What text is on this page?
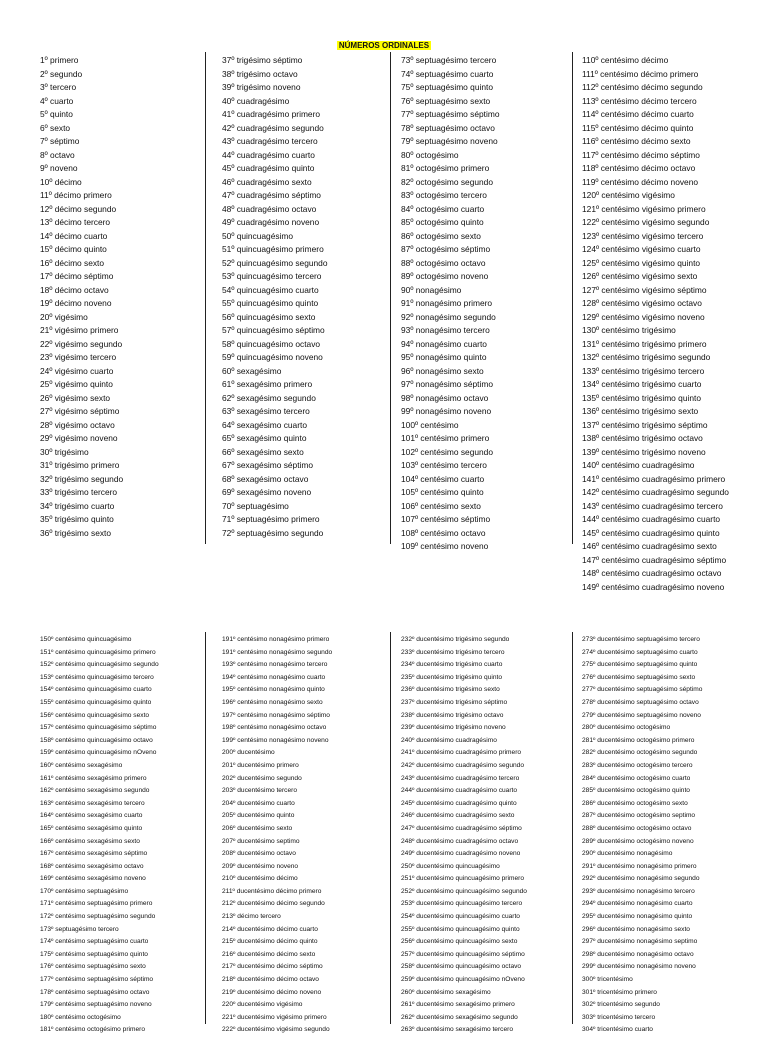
NÚMEROS ORDINALES
1º primero
2º segundo
3º tercero
4º cuarto
5º quinto
6º sexto
7º séptimo
8º octavo
9º noveno
10º décimo
11º décimo primero
12º décimo segundo
13º décimo tercero
14º décimo cuarto
15º décimo quinto
16º décimo sexto
17º décimo séptimo
18º décimo octavo
19º décimo noveno
20º vigésimo
21º vigésimo primero
22º vigésimo segundo
23º vigésimo tercero
24º vigésimo cuarto
25º vigésimo quinto
26º vigésimo sexto
27º vigésimo séptimo
28º vigésimo octavo
29º vigésimo noveno
30º trigésimo
31º trigésimo primero
32º trigésimo segundo
33º trigésimo tercero
34º trigésimo cuarto
35º trigésimo quinto
36º trigésimo sexto
37º trigésimo séptimo
38º trigésimo octavo
39º trigésimo noveno
40º cuadragésimo
41º cuadragésimo primero
42º cuadragésimo segundo
43º cuadragésimo tercero
44º cuadragésimo cuarto
45º cuadragésimo quinto
46º cuadragésimo sexto
47º cuadragésimo séptimo
48º cuadragésimo octavo
49º cuadragésimo noveno
50º quincuagésimo
51º quincuagésimo primero
52º quincuagésimo segundo
53º quincuagésimo tercero
54º quincuagésimo cuarto
55º quincuagésimo quinto
56º quincuagésimo sexto
57º quincuagésimo séptimo
58º quincuagésimo octavo
59º quincuagésimo noveno
60º sexagésimo
61º sexagésimo primero
62º sexagésimo segundo
63º sexagésimo tercero
64º sexagésimo cuarto
65º sexagésimo quinto
66º sexagésimo sexto
67º sexagésimo séptimo
68º sexagésimo octavo
69º sexagésimo noveno
70º septuagésimo
71º septuagésimo primero
72º septuagésimo segundo
73º septuagésimo tercero
74º septuagésimo cuarto
75º septuagésimo quinto
76º septuagésimo sexto
77º septuagésimo séptimo
78º septuagésimo octavo
79º septuagésimo noveno
80º octogésimo
81º octogésimo primero
82º octogésimo segundo
83º octogésimo tercero
84º octogésimo cuarto
85º octogésimo quinto
86º octogésimo sexto
87º octogésimo séptimo
88º octogésimo octavo
89º octogésimo noveno
90º nonagésimo
91º nonagésimo primero
92º nonagésimo segundo
93º nonagésimo tercero
94º nonagésimo cuarto
95º nonagésimo quinto
96º nonagésimo sexto
97º nonagésimo séptimo
98º nonagésimo octavo
99º nonagésimo noveno
100º centésimo
101º centésimo primero
102º centésimo segundo
103º centésimo tercero
104º centésimo cuarto
105º centésimo quinto
106º centésimo sexto
107º centésimo séptimo
108º centésimo octavo
109º centésimo noveno
110º centésimo décimo
111º centésimo décimo primero
112º centésimo décimo segundo
113º centésimo décimo tercero
114º centésimo décimo cuarto
115º centésimo décimo quinto
116º centésimo décimo sexto
117º centésimo décimo séptimo
118º centésimo décimo octavo
119º centésimo décimo noveno
120º centésimo vigésimo
121º centésimo vigésimo primero
122º centésimo vigésimo segundo
123º centésimo vigésimo tercero
124º centésimo vigésimo cuarto
125º centésimo vigésimo quinto
126º centésimo vigésimo sexto
127º centésimo vigésimo séptimo
128º centésimo vigésimo octavo
129º centésimo vigésimo noveno
130º centésimo trigésimo
131º centésimo trigésimo primero
132º centésimo trigésimo segundo
133º centésimo trigésimo tercero
134º centésimo trigésimo cuarto
135º centésimo trigésimo quinto
136º centésimo trigésimo sexto
137º centésimo trigésimo séptimo
138º centésimo trigésimo octavo
139º centésimo trigésimo noveno
140º centésimo cuadragésimo
141º centésimo cuadragésimo primero
142º centésimo cuadragésimo segundo
143º centésimo cuadragésimo tercero
144º centésimo cuadragésimo cuarto
145º centésimo cuadragésimo quinto
146º centésimo cuadragésimo sexto
147º centésimo cuadragésimo séptimo
148º centésimo cuadragésimo octavo
149º centésimo cuadragésimo noveno
150º centésimo quincuagésimo
151º centésimo quincuagésimo primero
152º centésimo quincuagésimo segundo
153º centésimo quincuagésimo tercero
154º centésimo quincuagésimo cuarto
155º centésimo quincuagésimo quinto
156º centésimo quincuagésimo sexto
157º centésimo quincuagésimo séptimo
158º centésimo quincuagésimo octavo
159º centésimo quincuagésimo nOveno
160º centésimo sexagésimo
161º centésimo sexagésimo primero
162º centésimo sexagésimo segundo
163º centésimo sexagésimo tercero
164º centésimo sexagésimo cuarto
165º centésimo sexagésimo quinto
166º centésimo sexagésimo sexto
167º centésimo sexagésimo séptimo
168º centésimo sexagésimo octavo
169º centésimo sexagésimo noveno
170º centésimo septuagésimo
171º centésimo septuagésimo primero
172º centésimo septuagésimo segundo
173º septuagésimo tercero
174º centésimo septuagésimo cuarto
175º centésimo septuagésimo quinto
176º centésimo septuagésimo sexto
177º centésimo septuagésimo séptimo
178º centésimo septuagésimo octavo
179º centésimo septuagésimo noveno
180º centésimo octogésimo
181º centésimo octogésimo primero
191º centésimo nonagésimo primero
191º centésimo nonagésimo segundo
193º centésimo nonagésimo tercero
194º centésimo nonagésimo cuarto
195º centésimo nonagésimo quinto
196º centésimo nonagésimo sexto
197º centésimo nonagésimo séptimo
198º centésimo nonagésimo octavo
199º centésimo nonagésimo noveno
200º ducentésimo
201º ducentésimo primero
202º ducentésimo segundo
203º ducentésimo tercero
204º ducentésimo cuarto
205º ducentésimo quinto
206º ducentésimo sexto
207º ducentésimo septimo
208º ducentésimo octavo
209º ducentésimo noveno
210º ducentésimo décimo
211º ducentésimo décimo primero
212º ducentésimo décimo segundo
213º décimo tercero
214º ducentésimo décimo cuarto
215º ducentésimo décimo quinto
216º ducentésimo décimo sexto
217º ducentésimo décimo séptimo
218º ducentésimo décimo octavo
219º ducentésimo décimo noveno
220º ducentésimo vigésimo
221º ducentésimo vigésimo primero
222º ducentésimo vigésimo segundo
232º ducentésimo trigésimo segundo
233º ducentésimo trigésimo tercero
234º ducentésimo trigésimo cuarto
235º ducentésimo trigésimo quinto
236º ducentésimo trigésimo sexto
237º ducentésimo trigésimo séptimo
238º ducentésimo trigésimo octavo
239º ducentésimo trigésimo noveno
240º ducentésimo cuadragésimo
241º ducentésimo cuadragésimo primero
242º ducentésimo cuadragésimo segundo
243º ducentésimo cuadragésimo tercero
244º ducentésimo cuadragésimo cuarto
245º ducentésimo cuadragésimo quinto
246º ducentésimo cuadragésimo sexto
247º ducentésimo cuadragésimo séptimo
248º ducentésimo cuadragésimo octavo
249º ducentésimo cuadragésimo noveno
250º ducentésimo quincuagésimo
251º ducentésimo quincuagésimo primero
252º ducentésimo quincuagésimo segundo
253º ducentésimo quincuagésimo tercero
254º ducentésimo quincuagésimo cuarto
255º ducentésimo quincuagésimo quinto
256º ducentésimo quincuagésimo sexto
257º ducentésimo quincuagésimo séptimo
258º ducentésimo quincuagésimo octavo
259º ducentésimo quincuagésimo nOveno
260º ducentésimo sexagésimo
261º ducentésimo sexagésimo primero
262º ducentésimo sexagésimo segundo
263º ducentésimo sexagésimo tercero
273º ducentésimo septuagésimo tercero
274º ducentésimo septuagésimo cuarto
275º ducentésimo septuagésimo quinto
276º ducentésimo septuagésimo sexto
277º ducentésimo septuagésimo séptimo
278º ducentésimo septuagésimo octavo
279º ducentésimo septuagésimo noveno
280º ducentésimo octogésimo
281º ducentésimo octogésimo primero
282º ducentésimo octogésimo segundo
283º ducentésimo octogésimo tercero
284º ducentésimo octogésimo cuarto
285º ducentésimo octogésimo quinto
286º ducentésimo octogésimo sexto
287º ducentésimo octogésimo septimo
288º ducentésimo octogésimo octavo
289º ducentésimo octogésimo noveno
290º ducentésimo nonagésimo
291º ducentésimo nonagésimo primero
292º ducentésimo nonagésimo segundo
293º ducentésimo nonagésimo tercero
294º ducentésimo nonagésimo cuarto
295º ducentésimo nonagésimo quinto
296º ducentésimo nonagésimo sexto
297º ducentésimo nonagésimo septimo
298º ducentésimo nonagésimo octavo
299º ducentésimo nonagésimo noveno
300º tricentésimo
301º tricentésimo primero
302º tricentésimo segundo
303º tricentésimo tercero
304º tricentésimo cuarto
